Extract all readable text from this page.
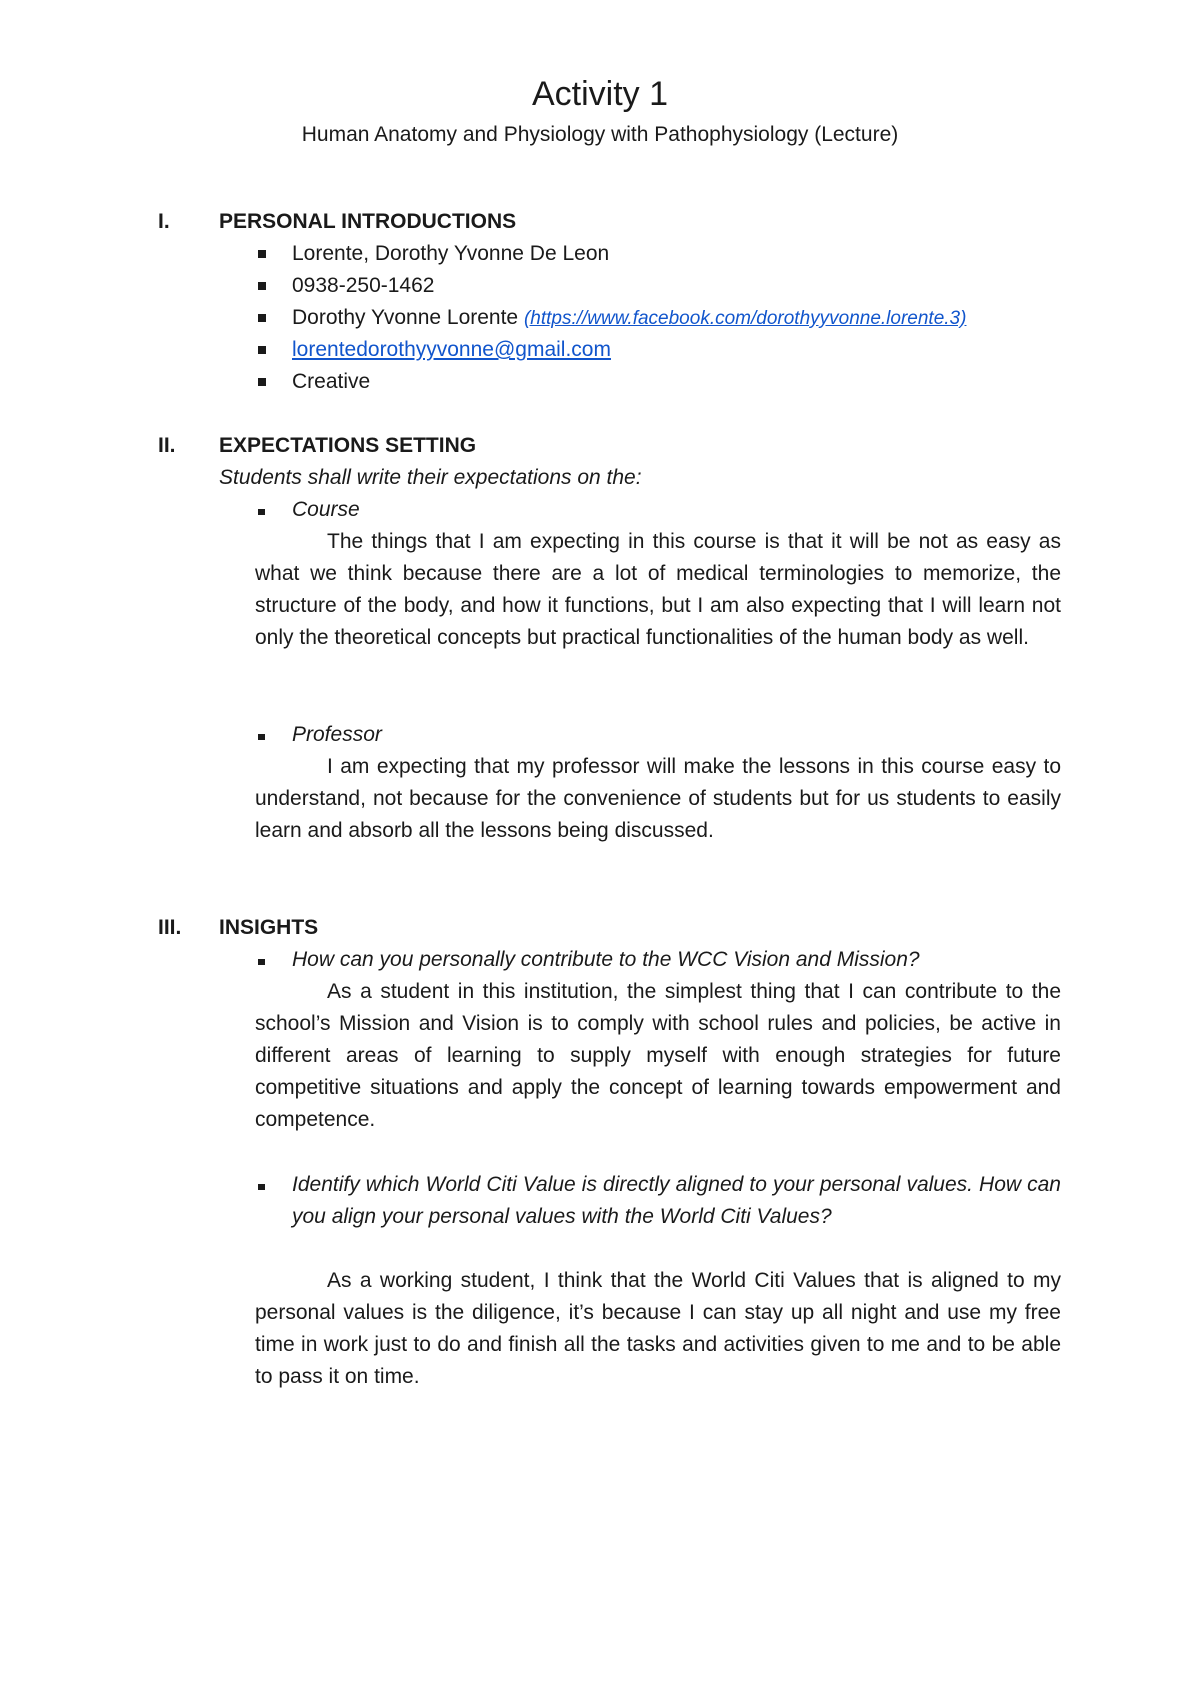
Activity 1

Human Anatomy and Physiology with Pathophysiology (Lecture)

I. PERSONAL INTRODUCTIONS
Lorente, Dorothy Yvonne De Leon
0938-250-1462
Dorothy Yvonne Lorente (https://www.facebook.com/dorothyyvonne.lorente.3)
lorentedorothyyvonne@gmail.com
Creative
II. EXPECTATIONS SETTING
Students shall write their expectations on the:
Course

The things that I am expecting in this course is that it will be not as easy as what we think because there are a lot of medical terminologies to memorize, the structure of the body, and how it functions, but I am also expecting that I will learn not only the theoretical concepts but practical functionalities of the human body as well.

Professor

I am expecting that my professor will make the lessons in this course easy to understand, not because for the convenience of students but for us students to easily learn and absorb all the lessons being discussed.

III. INSIGHTS

How can you personally contribute to the WCC Vision and Mission?

As a student in this institution, the simplest thing that I can contribute to the school’s Mission and Vision is to comply with school rules and policies, be active in different areas of learning to supply myself with enough strategies for future competitive situations and apply the concept of learning towards empowerment and competence.

Identify which World Citi Value is directly aligned to your personal values. How can you align your personal values with the World Citi Values?

As a working student, I think that the World Citi Values that is aligned to my personal values is the diligence, it’s because I can stay up all night and use my free time in work just to do and finish all the tasks and activities given to me and to be able to pass it on time.
